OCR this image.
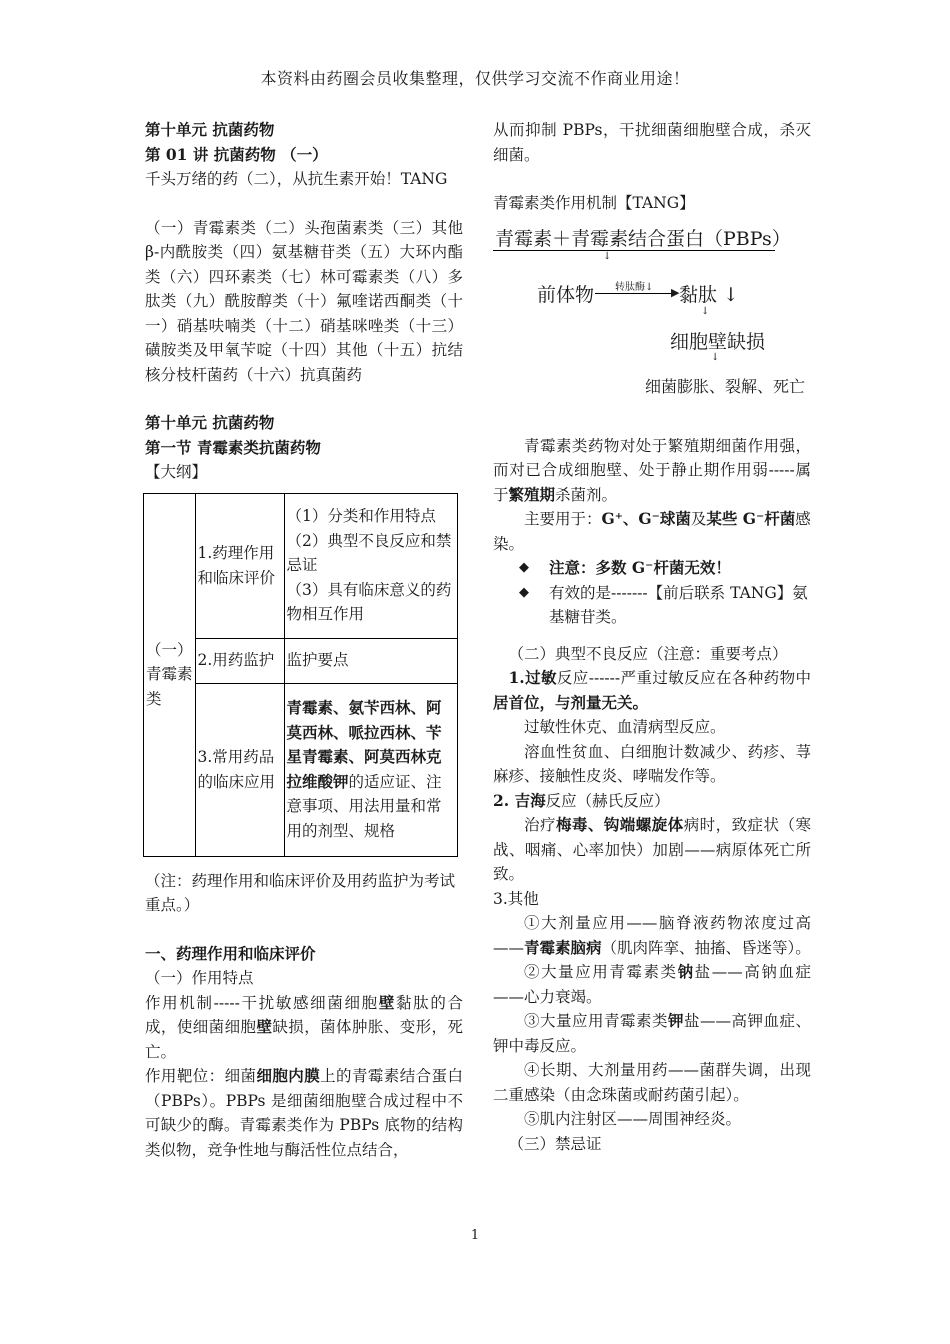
本资料由药圈会员收集整理，仅供学习交流不作商业用途！

第十单元 抗菌药物

第 01 讲 抗菌药物 （一）

千头万绪的药（二），从抗生素开始！TANG

（一）青霉素类（二）头孢菌素类（三）其他β-内酰胺类（四）氨基糖苷类（五）大环内酯类（六）四环素类（七）林可霉素类（八）多肽类（九）酰胺醇类（十）氟喹诺西酮类（十一）硝基呋喃类（十二）硝基咪唑类（十三）磺胺类及甲氧苄啶（十四）其他（十五）抗结核分枝杆菌药（十六）抗真菌药

第十单元 抗菌药物

第一节 青霉素类抗菌药物

【大纲】

（一）青霉素类	1.药理作用和临床评价	（1）分类和作用特点
（2）典型不良反应和禁忌证
（3）具有临床意义的药物相互作用

	2.用药监护	监护要点
	3.常用药品的临床应用	青霉素、氨苄西林、阿莫西林、哌拉西林、苄星青霉素、阿莫西林克拉维酸钾的适应证、注意事项、用法用量和常用的剂型、规格

（注：药理作用和临床评价及用药监护为考试重点。）

一、药理作用和临床评价

（一）作用特点

作用机制-----干扰敏感细菌细胞壁黏肽的合成，使细菌细胞壁缺损，菌体肿胀、变形，死亡。

作用靶位：细菌细胞内膜上的青霉素结合蛋白（PBPs）。PBPs 是细菌细胞壁合成过程中不可缺少的酶。青霉素类作为 PBPs 底物的结构类似物，竞争性地与酶活性位点结合，

从而抑制 PBPs，干扰细菌细胞壁合成，杀灭细菌。

青霉素类作用机制【TANG】

青霉素＋青霉素结合蛋白（PBPs）
↓
前体物 转肽酶↓ ▶ 黏肽 ↓
↓
细胞壁缺损
↓
细菌膨胀、裂解、死亡

青霉素类药物对处于繁殖期细菌作用强，而对已合成细胞壁、处于静止期作用弱-----属于繁殖期杀菌剂。

主要用于：G⁺、G⁻球菌及某些 G⁻杆菌感染。

◆ 注意：多数 G⁻杆菌无效！

◆ 有效的是-------【前后联系 TANG】氨基糖苷类。

（二）典型不良反应（注意：重要考点）

1.过敏反应------严重过敏反应在各种药物中居首位，与剂量无关。

过敏性休克、血清病型反应。

溶血性贫血、白细胞计数减少、药疹、荨麻疹、接触性皮炎、哮喘发作等。

2. 吉海反应（赫氏反应）

治疗梅毒、钩端螺旋体病时，致症状（寒战、咽痛、心率加快）加剧——病原体死亡所致。

3.其他

①大剂量应用——脑脊液药物浓度过高——青霉素脑病（肌肉阵挛、抽搐、昏迷等）。

②大量应用青霉素类钠盐——高钠血症——心力衰竭。

③大量应用青霉素类钾盐——高钾血症、钾中毒反应。

④长期、大剂量用药——菌群失调，出现二重感染（由念珠菌或耐药菌引起）。

⑤肌内注射区——周围神经炎。

（三）禁忌证

1
